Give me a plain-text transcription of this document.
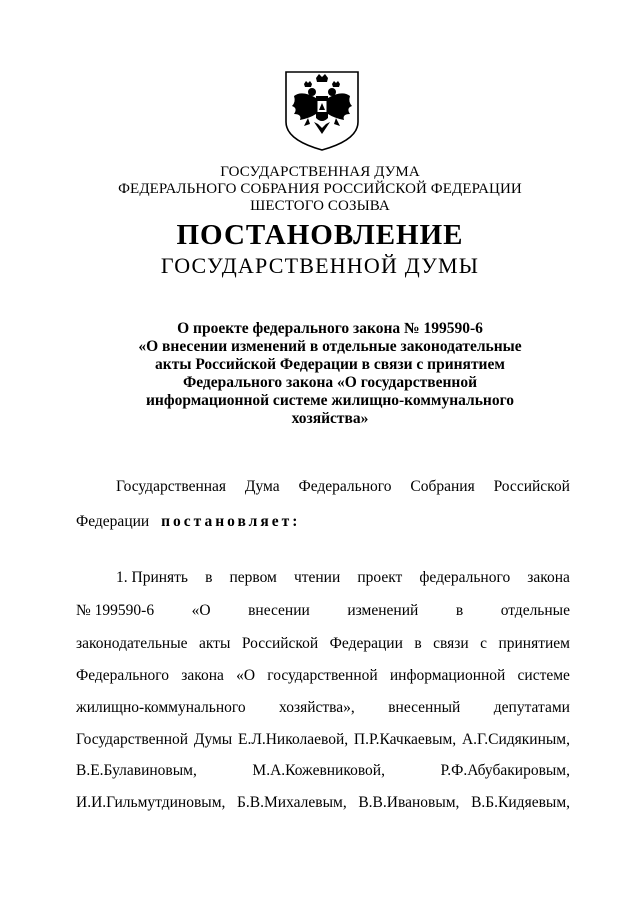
ГОСУДАРСТВЕННАЯ ДУМА
ФЕДЕРАЛЬНОГО СОБРАНИЯ РОССИЙСКОЙ ФЕДЕРАЦИИ
ШЕСТОГО СОЗЫВА
ПОСТАНОВЛЕНИЕ
ГОСУДАРСТВЕННОЙ ДУМЫ
О проекте федерального закона № 199590-6
«О внесении изменений в отдельные законодательные
акты Российской Федерации в связи с принятием
Федерального закона «О государственной
информационной системе жилищно-коммунального
хозяйства»
Государственная Дума Федерального Собрания Российской
Федерации постановляет:
1. Принять в первом чтении проект федерального закона
№ 199590-6 «О внесении изменений в отдельные
законодательные акты Российской Федерации в связи с принятием
Федерального закона «О государственной информационной системе
жилищно-коммунального хозяйства», внесенный депутатами
Государственной Думы Е.Л.Николаевой, П.Р.Качкаевым, А.Г.Сидякиным,
В.Е.Булавиновым,	М.А.Кожевниковой,	Р.Ф.Абубакировым,
И.И.Гильмутдиновым, Б.В.Михалевым, В.В.Ивановым, В.Б.Кидяевым,
